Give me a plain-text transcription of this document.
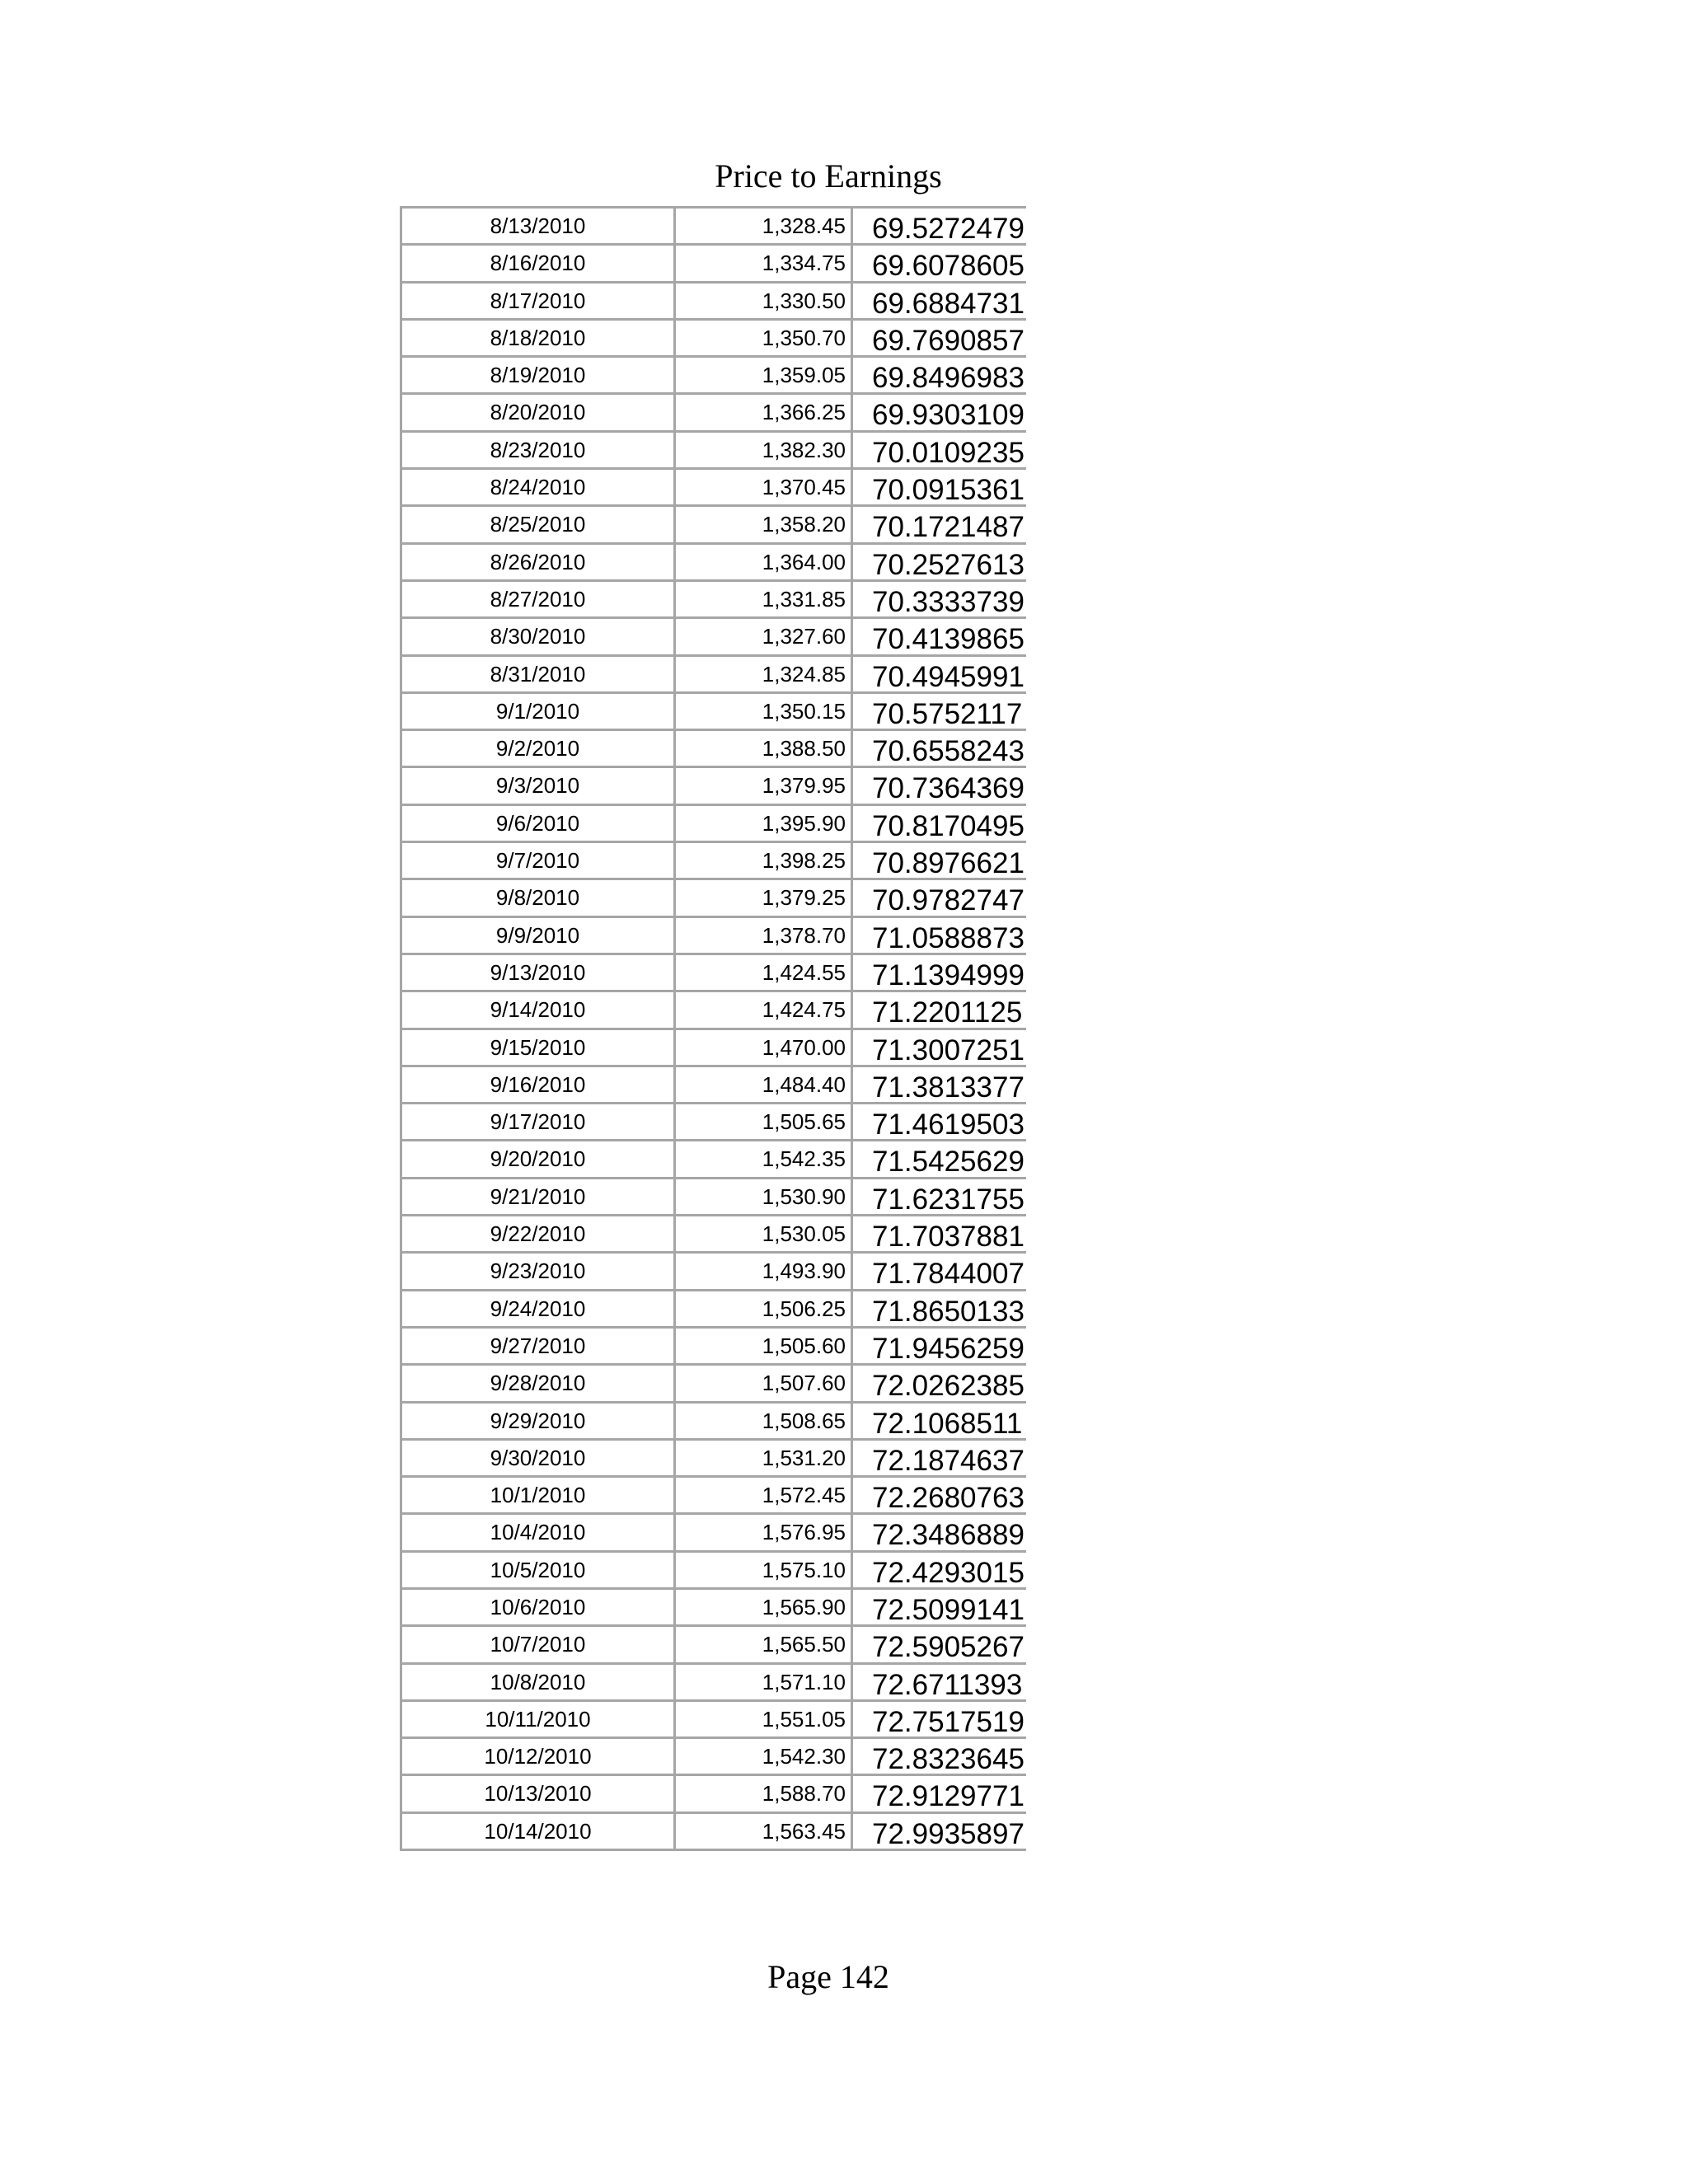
Price to Earnings
8/13/2010	1,328.45 69.5272479
8/16/2010	1,334.75 69.6078605
8/17/2010	1,330.50 69.6884731
8/18/2010	1,350.70 69.7690857
8/19/2010	1,359.05 69.8496983
8/20/2010	1,366.25 69.9303109
8/23/2010	1,382.30 70.0109235
8/24/2010	1,370.45 70.0915361
8/25/2010	1,358.20 70.1721487
8/26/2010	1,364.00 70.2527613
8/27/2010	1,331.85 70.3333739
8/30/2010	1,327.60 70.4139865
8/31/2010	1,324.85 70.4945991
9/1/2010	1,350.15 70.5752117
9/2/2010	1,388.50 70.6558243
9/3/2010	1,379.95 70.7364369
9/6/2010	1,395.90 70.8170495
9/7/2010	1,398.25 70.8976621
9/8/2010	1,379.25 70.9782747
9/9/2010	1,378.70 71.0588873
9/13/2010	1,424.55 71.1394999
9/14/2010	1,424.75 71.2201125
9/15/2010	1,470.00 71.3007251
9/16/2010	1,484.40 71.3813377
9/17/2010	1,505.65 71.4619503
9/20/2010	1,542.35 71.5425629
9/21/2010	1,530.90 71.6231755
9/22/2010	1,530.05 71.7037881
9/23/2010	1,493.90 71.7844007
9/24/2010	1,506.25 71.8650133
9/27/2010	1,505.60 71.9456259
9/28/2010	1,507.60 72.0262385
9/29/2010	1,508.65 72.1068511
9/30/2010	1,531.20 72.1874637
10/1/2010	1,572.45 72.2680763
10/4/2010	1,576.95 72.3486889
10/5/2010	1,575.10 72.4293015
10/6/2010	1,565.90 72.5099141
10/7/2010	1,565.50 72.5905267
10/8/2010	1,571.10 72.6711393
10/11/2010	1,551.05 72.7517519
10/12/2010	1,542.30 72.8323645
10/13/2010	1,588.70 72.9129771
10/14/2010	1,563.45 72.9935897
Page 142
